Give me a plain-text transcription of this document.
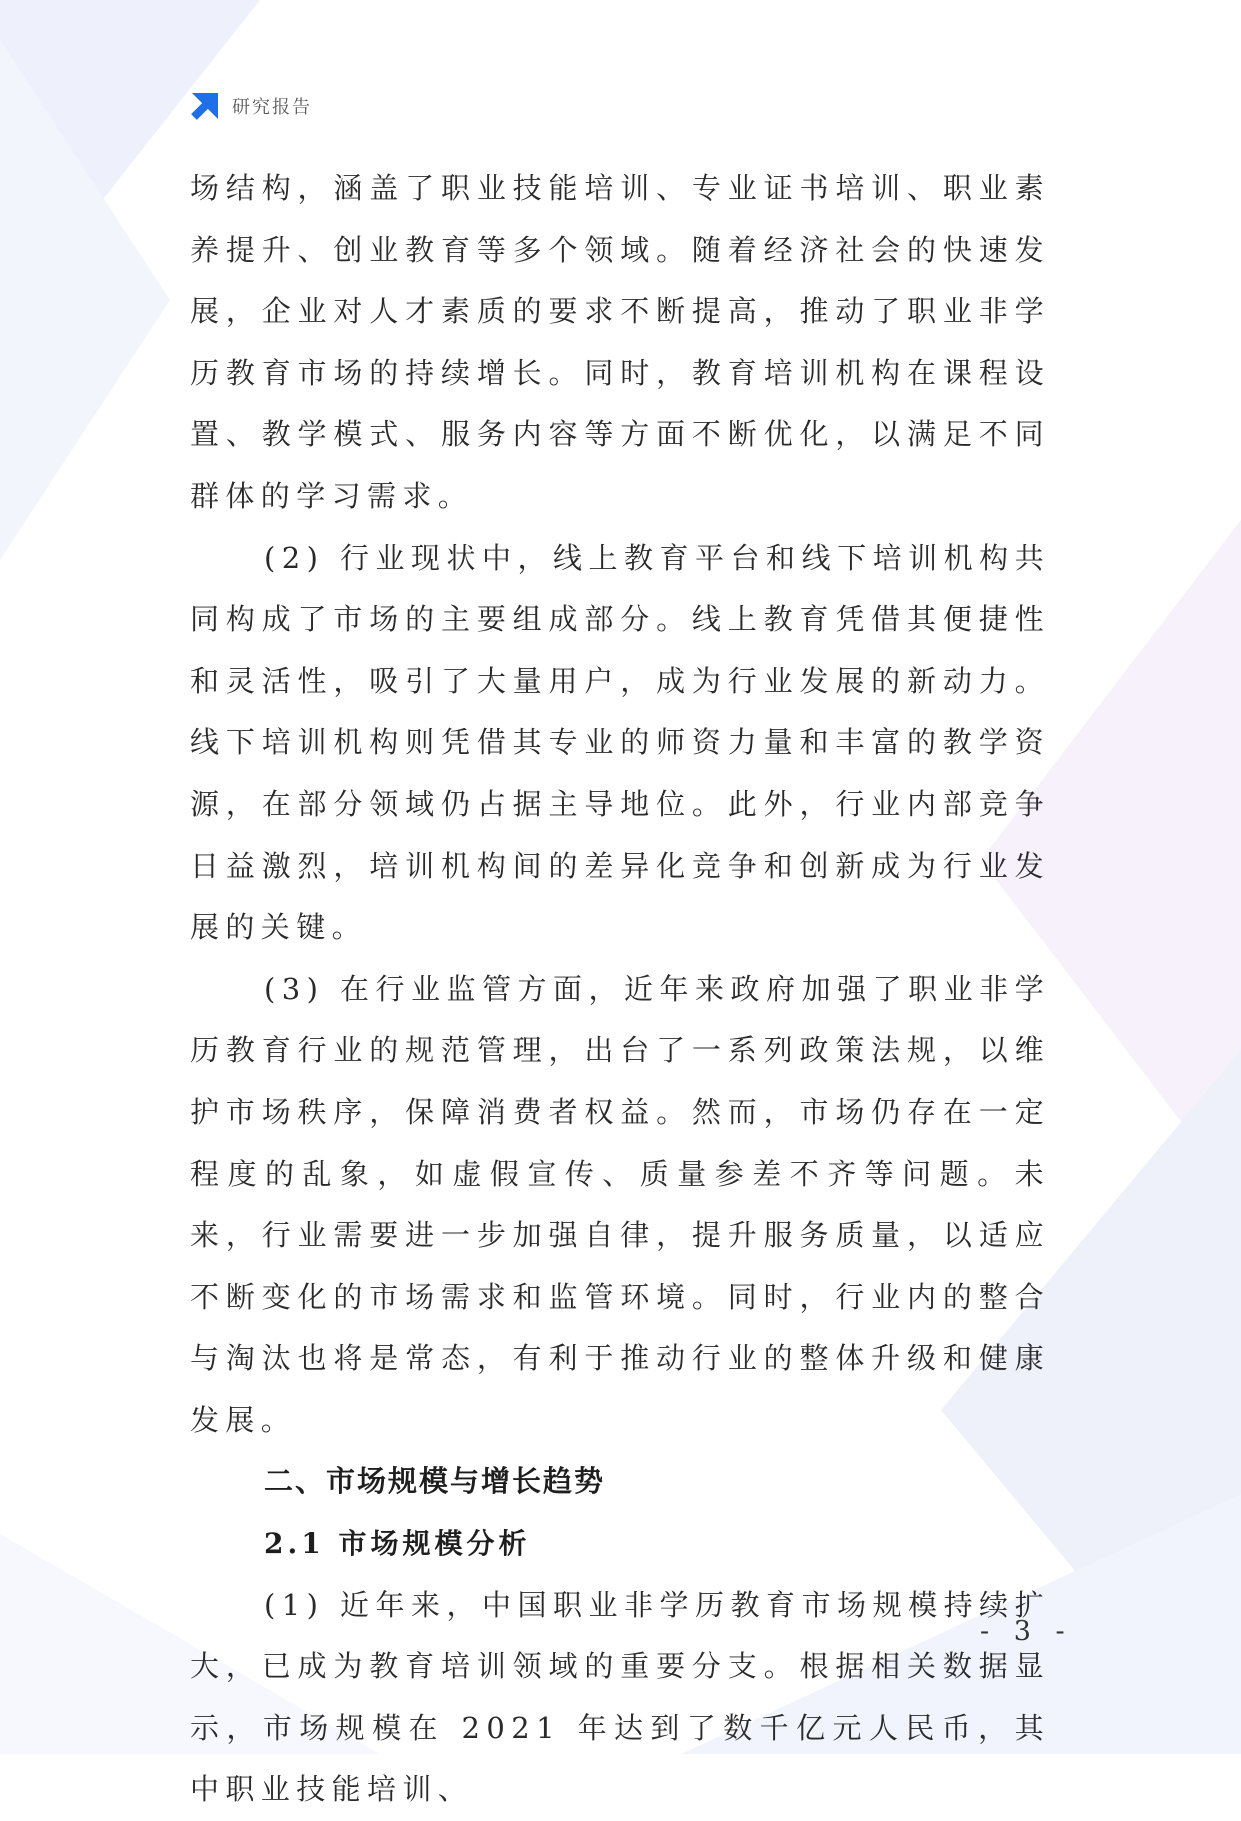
研究报告

场结构，涵盖了职业技能培训、专业证书培训、职业素养提升、创业教育等多个领域。随着经济社会的快速发展，企业对人才素质的要求不断提高，推动了职业非学历教育市场的持续增长。同时，教育培训机构在课程设置、教学模式、服务内容等方面不断优化，以满足不同群体的学习需求。

(2) 行业现状中，线上教育平台和线下培训机构共同构成了市场的主要组成部分。线上教育凭借其便捷性和灵活性，吸引了大量用户，成为行业发展的新动力。线下培训机构则凭借其专业的师资力量和丰富的教学资源，在部分领域仍占据主导地位。此外，行业内部竞争日益激烈，培训机构间的差异化竞争和创新成为行业发展的关键。

(3) 在行业监管方面，近年来政府加强了职业非学历教育行业的规范管理，出台了一系列政策法规，以维护市场秩序，保障消费者权益。然而，市场仍存在一定程度的乱象，如虚假宣传、质量参差不齐等问题。未来，行业需要进一步加强自律，提升服务质量，以适应不断变化的市场需求和监管环境。同时，行业内的整合与淘汰也将是常态，有利于推动行业的整体升级和健康发展。

二、市场规模与增长趋势
2.1 市场规模分析

(1) 近年来，中国职业非学历教育市场规模持续扩大，已成为教育培训领域的重要分支。根据相关数据显示，市场规模在 2021 年达到了数千亿元人民币，其中职业技能培训、

- 3 -
